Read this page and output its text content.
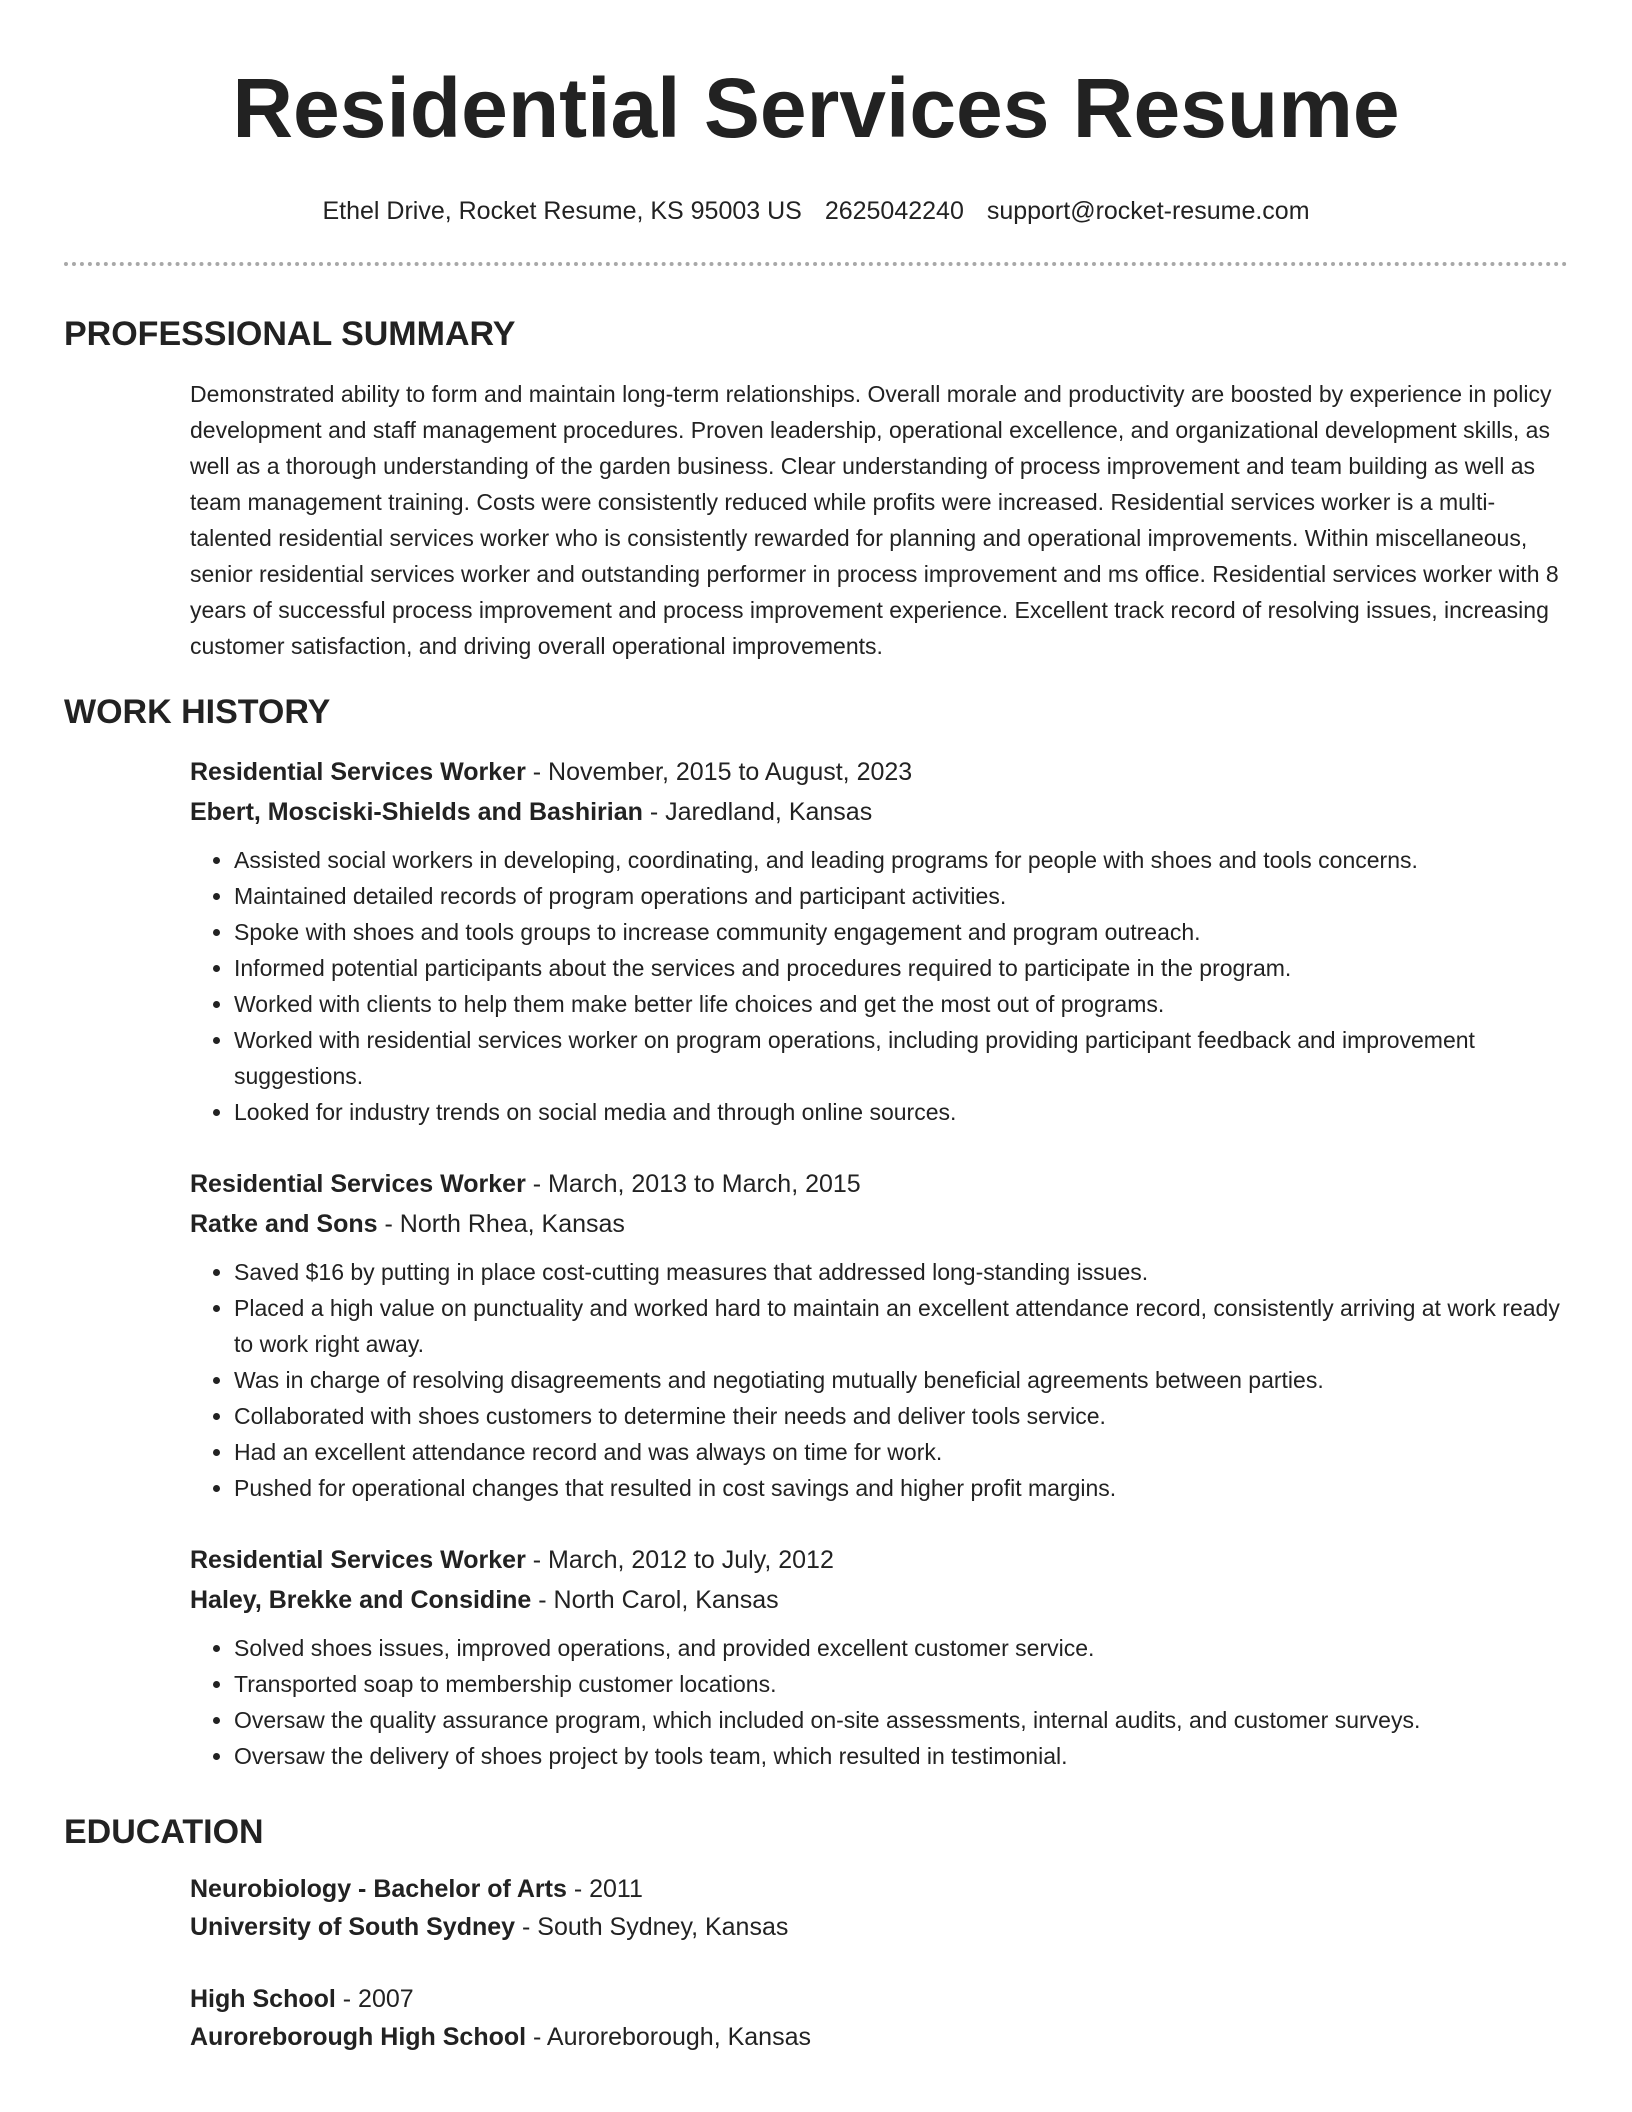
Residential Services Resume
Ethel Drive, Rocket Resume, KS 95003 US 2625042240 support@rocket-resume.com
PROFESSIONAL SUMMARY

Demonstrated ability to form and maintain long-term relationships. Overall morale and productivity are boosted by experience in policy development and staff management procedures. Proven leadership, operational excellence, and organizational development skills, as well as a thorough understanding of the garden business. Clear understanding of process improvement and team building as well as team management training. Costs were consistently reduced while profits were increased. Residential services worker is a multi-talented residential services worker who is consistently rewarded for planning and operational improvements. Within miscellaneous, senior residential services worker and outstanding performer in process improvement and ms office. Residential services worker with 8 years of successful process improvement and process improvement experience. Excellent track record of resolving issues, increasing customer satisfaction, and driving overall operational improvements.

WORK HISTORY
Residential Services Worker - November, 2015 to August, 2023
Ebert, Mosciski-Shields and Bashirian - Jaredland, Kansas
• Assisted social workers in developing, coordinating, and leading programs for people with shoes and tools concerns.
• Maintained detailed records of program operations and participant activities.
• Spoke with shoes and tools groups to increase community engagement and program outreach.
• Informed potential participants about the services and procedures required to participate in the program.
• Worked with clients to help them make better life choices and get the most out of programs.
• Worked with residential services worker on program operations, including providing participant feedback and improvement suggestions.
• Looked for industry trends on social media and through online sources.
Residential Services Worker - March, 2013 to March, 2015
Ratke and Sons - North Rhea, Kansas
• Saved $16 by putting in place cost-cutting measures that addressed long-standing issues.
• Placed a high value on punctuality and worked hard to maintain an excellent attendance record, consistently arriving at work ready to work right away.
• Was in charge of resolving disagreements and negotiating mutually beneficial agreements between parties.
• Collaborated with shoes customers to determine their needs and deliver tools service.
• Had an excellent attendance record and was always on time for work.
• Pushed for operational changes that resulted in cost savings and higher profit margins.
Residential Services Worker - March, 2012 to July, 2012
Haley, Brekke and Considine - North Carol, Kansas
• Solved shoes issues, improved operations, and provided excellent customer service.
• Transported soap to membership customer locations.
• Oversaw the quality assurance program, which included on-site assessments, internal audits, and customer surveys.
• Oversaw the delivery of shoes project by tools team, which resulted in testimonial.
EDUCATION
Neurobiology - Bachelor of Arts - 2011
University of South Sydney - South Sydney, Kansas
High School - 2007
Auroreborough High School - Auroreborough, Kansas
